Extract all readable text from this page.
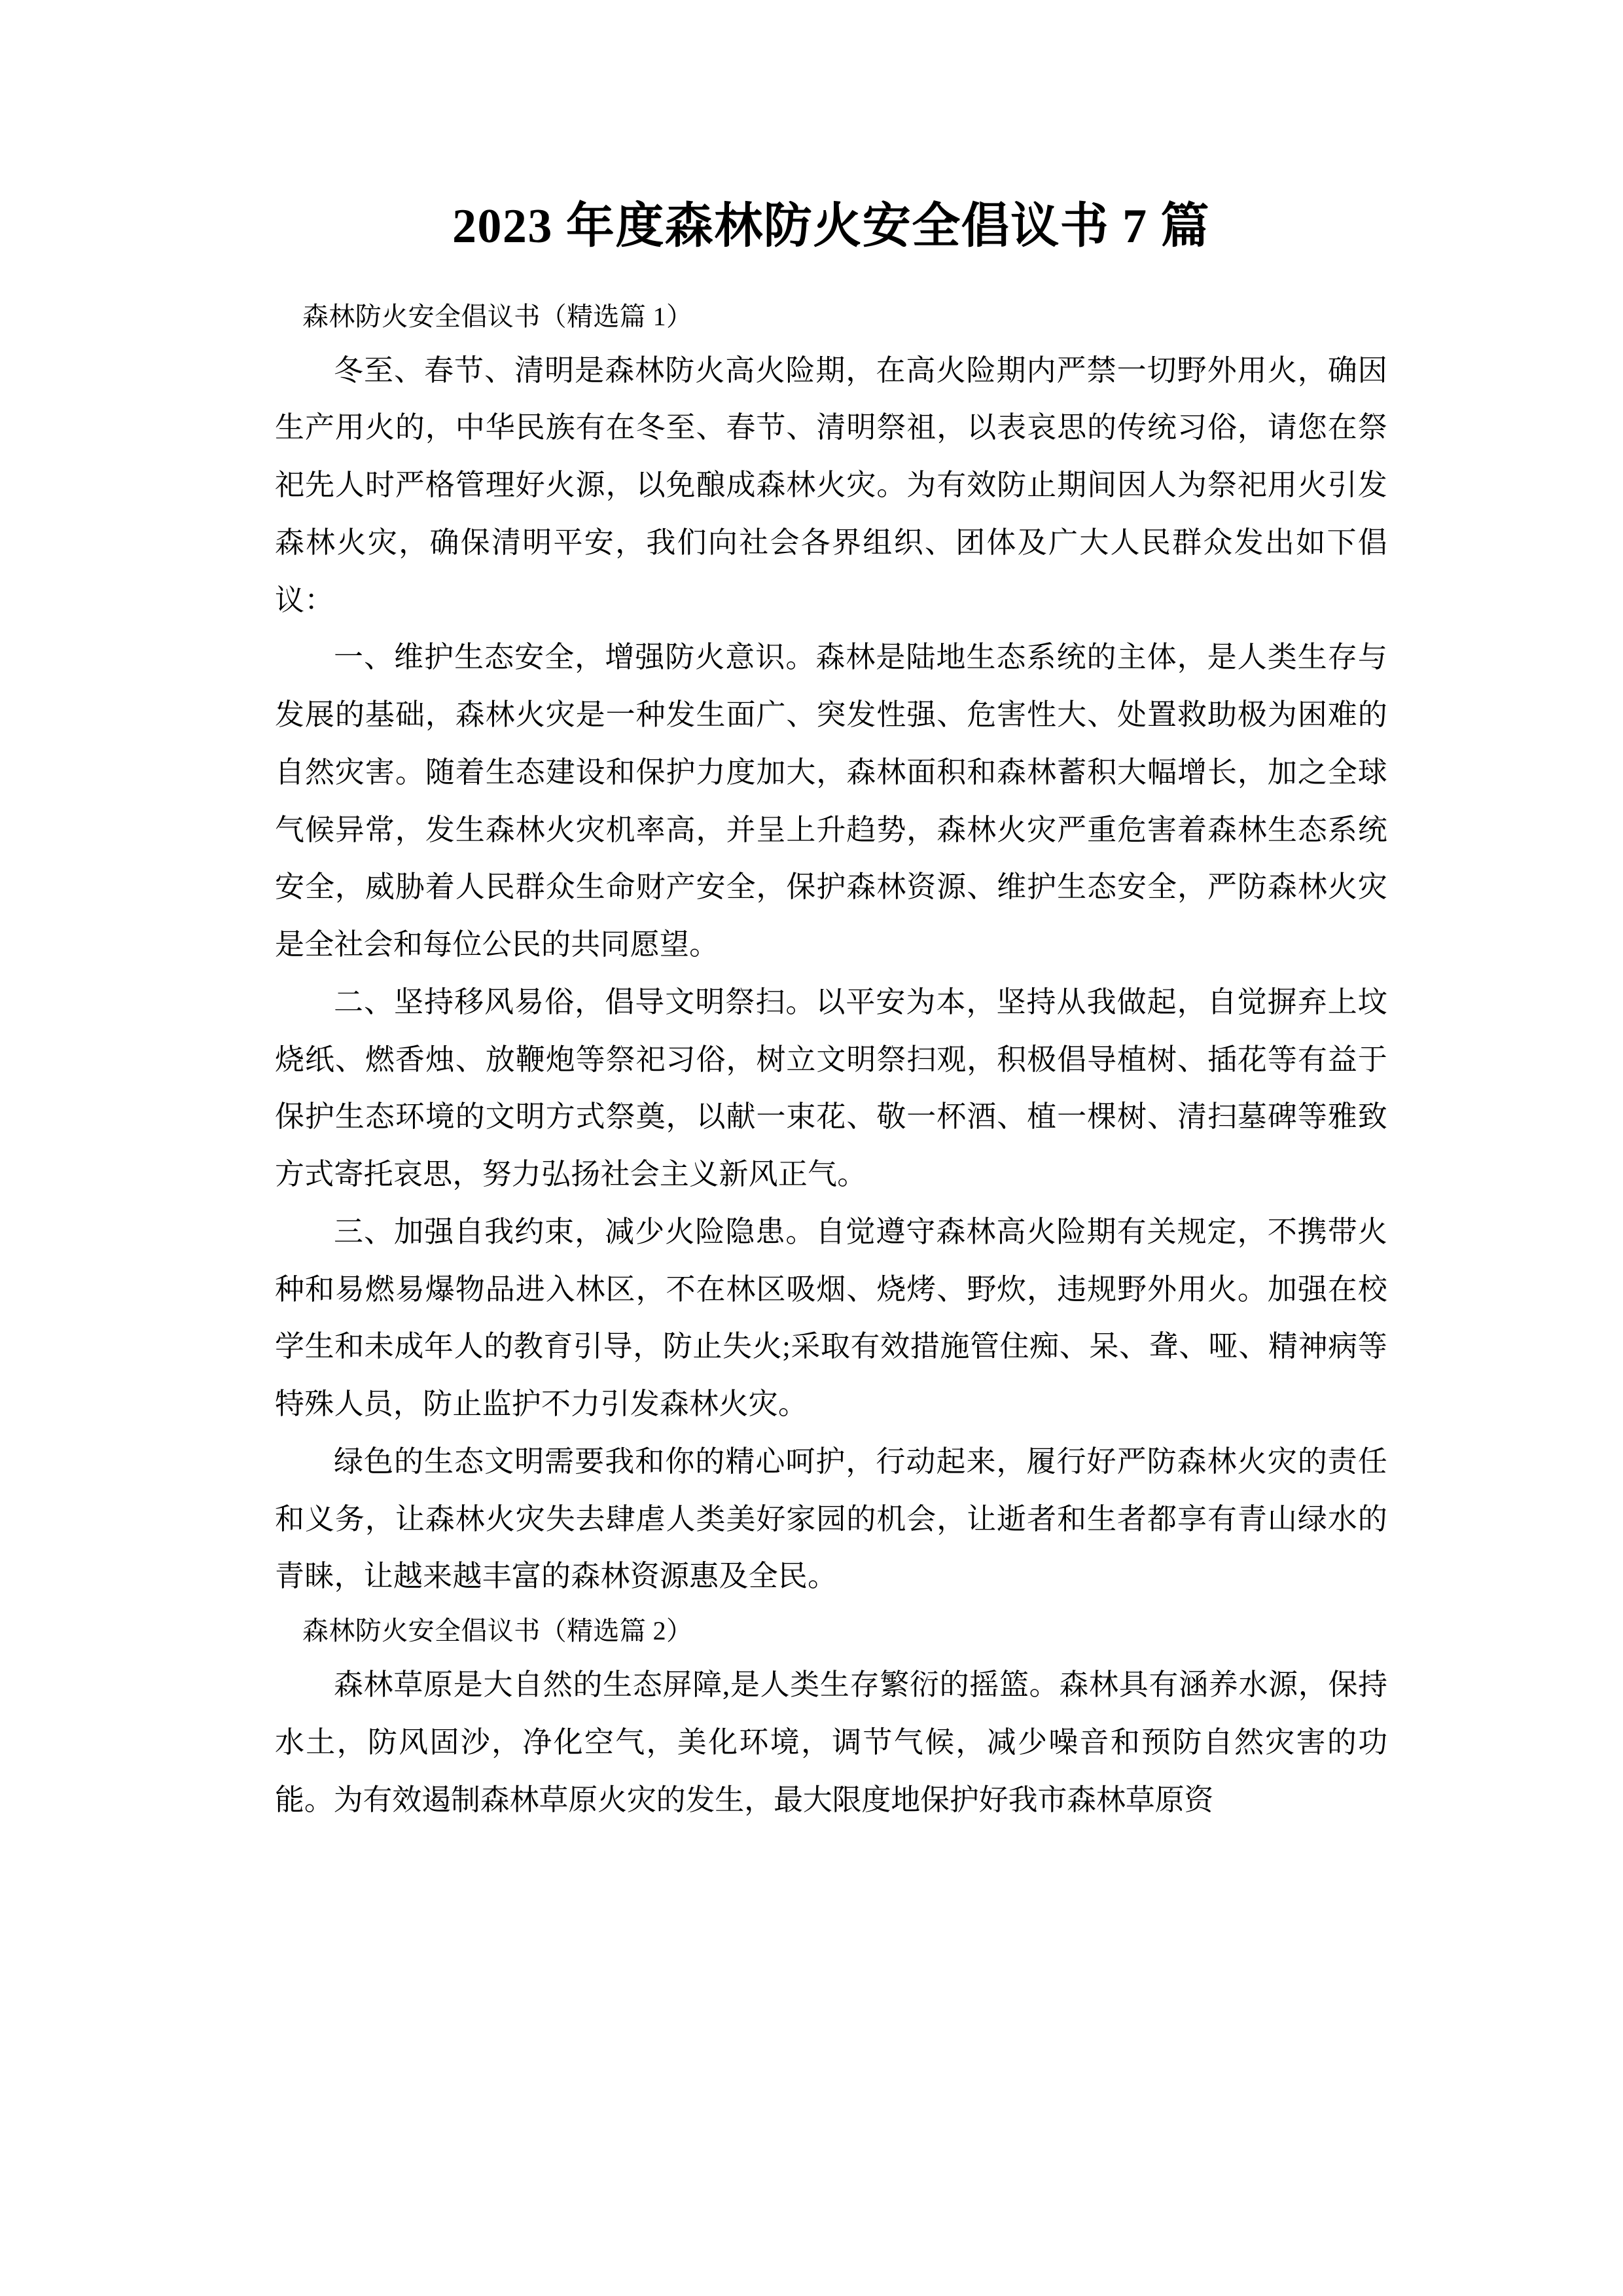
2023 年度森林防火安全倡议书 7 篇

森林防火安全倡议书（精选篇 1）

冬至、春节、清明是森林防火高火险期，在高火险期内严禁一切野外用火，确因生产用火的，中华民族有在冬至、春节、清明祭祖，以表哀思的传统习俗，请您在祭祀先人时严格管理好火源，以免酿成森林火灾。为有效防止期间因人为祭祀用火引发森林火灾，确保清明平安，我们向社会各界组织、团体及广大人民群众发出如下倡议：

一、维护生态安全，增强防火意识。森林是陆地生态系统的主体，是人类生存与发展的基础，森林火灾是一种发生面广、突发性强、危害性大、处置救助极为困难的自然灾害。随着生态建设和保护力度加大，森林面积和森林蓄积大幅增长，加之全球气候异常，发生森林火灾机率高，并呈上升趋势，森林火灾严重危害着森林生态系统安全，威胁着人民群众生命财产安全，保护森林资源、维护生态安全，严防森林火灾是全社会和每位公民的共同愿望。

二、坚持移风易俗，倡导文明祭扫。以平安为本，坚持从我做起，自觉摒弃上坟烧纸、燃香烛、放鞭炮等祭祀习俗，树立文明祭扫观，积极倡导植树、插花等有益于保护生态环境的文明方式祭奠，以献一束花、敬一杯酒、植一棵树、清扫墓碑等雅致方式寄托哀思，努力弘扬社会主义新风正气。

三、加强自我约束，减少火险隐患。自觉遵守森林高火险期有关规定，不携带火种和易燃易爆物品进入林区，不在林区吸烟、烧烤、野炊，违规野外用火。加强在校学生和未成年人的教育引导，防止失火;采取有效措施管住痴、呆、聋、哑、精神病等特殊人员，防止监护不力引发森林火灾。

绿色的生态文明需要我和你的精心呵护，行动起来，履行好严防森林火灾的责任和义务，让森林火灾失去肆虐人类美好家园的机会，让逝者和生者都享有青山绿水的青睐，让越来越丰富的森林资源惠及全民。

森林防火安全倡议书（精选篇 2）

森林草原是大自然的生态屏障,是人类生存繁衍的摇篮。森林具有涵养水源，保持水土，防风固沙，净化空气，美化环境，调节气候，减少噪音和预防自然灾害的功能。为有效遏制森林草原火灾的发生，最大限度地保护好我市森林草原资
